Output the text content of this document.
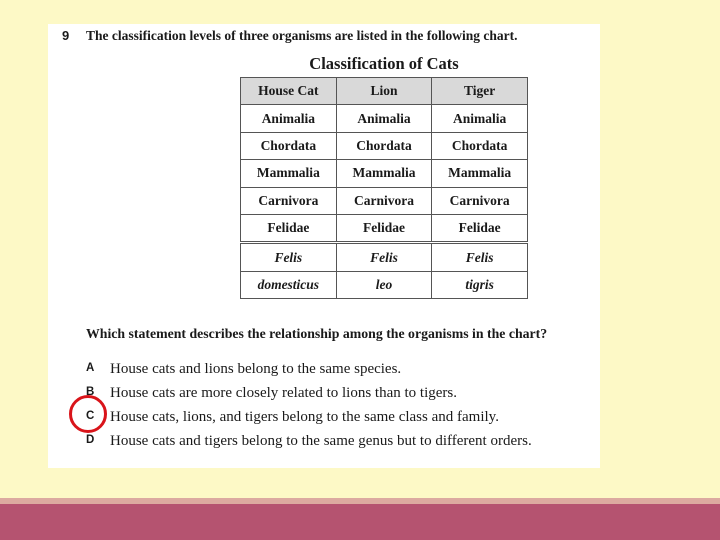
9 The classification levels of three organisms are listed in the following chart.
Classification of Cats
House Cat	Lion	Tiger
Animalia	Animalia	Animalia
Chordata	Chordata	Chordata
Mammalia	Mammalia	Mammalia
Carnivora	Carnivora	Carnivora
Felidae	Felidae	Felidae
Felis	Felis	Felis
domesticus	leo	tigris
Which statement describes the relationship among the organisms in the chart?
A House cats and lions belong to the same species.
B House cats are more closely related to lions than to tigers.
C House cats, lions, and tigers belong to the same class and family.
D House cats and tigers belong to the same genus but to different orders.
